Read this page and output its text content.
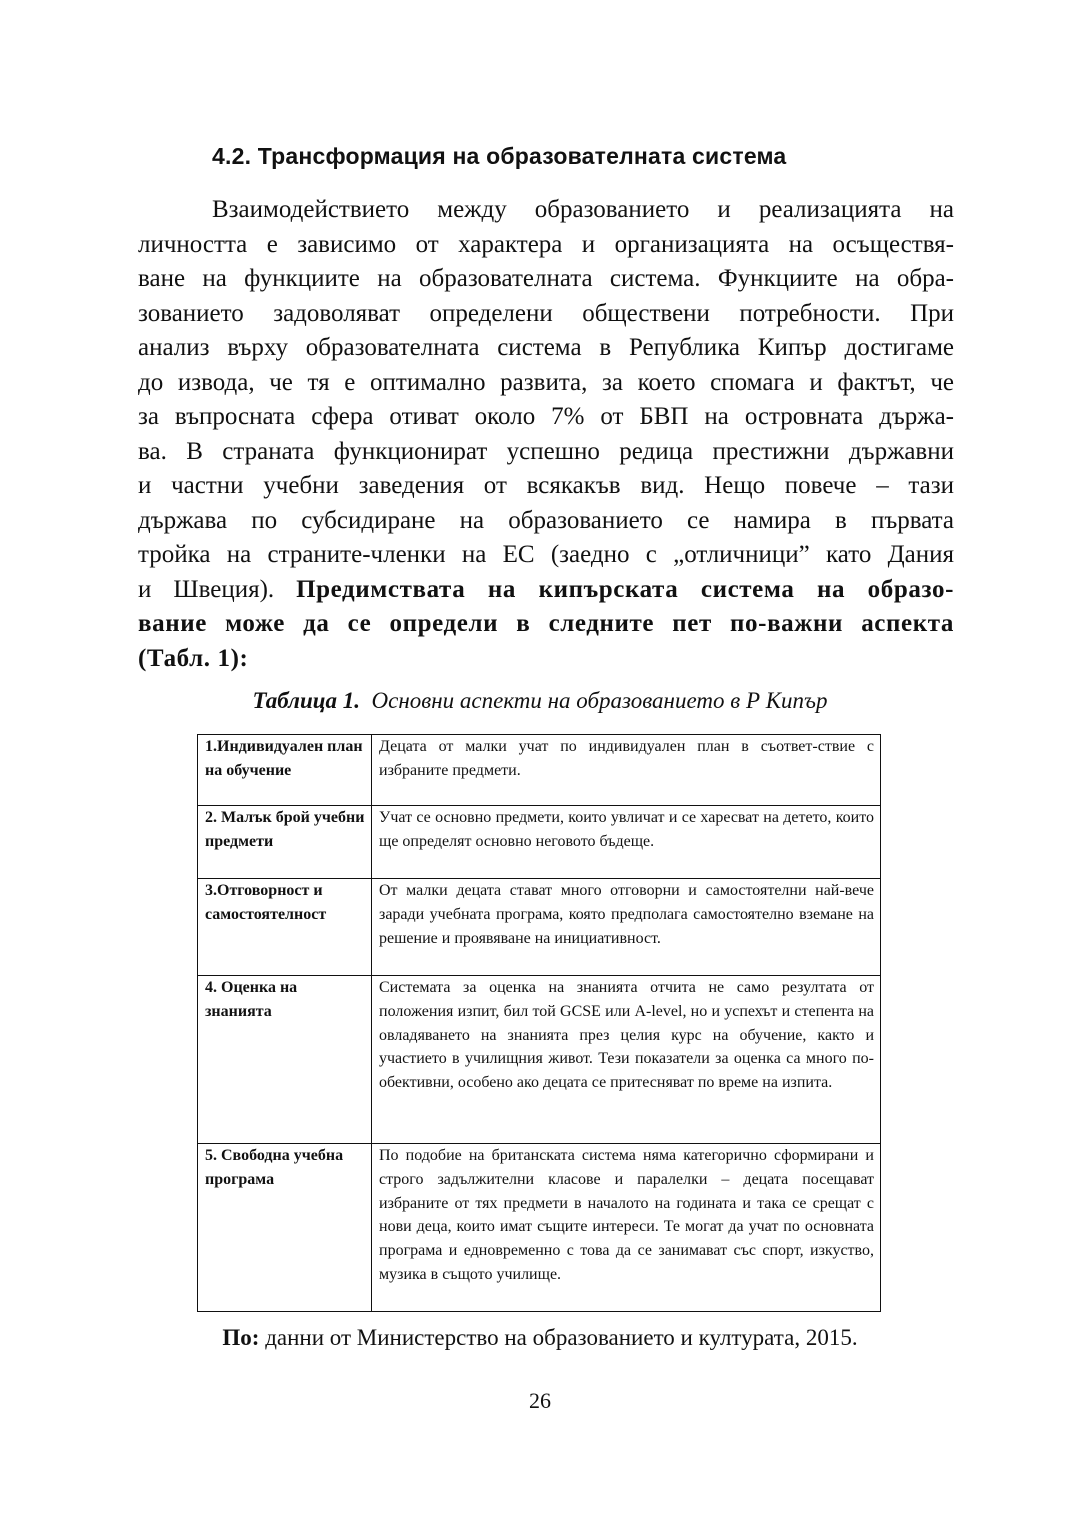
4.2. Трансформация на образователната система
Взаимодействието между образованието и реализацията на
личността е зависимо от характера и организацията на осъществя-
ване на функциите на образователната система. Функциите на обра-
зованието задоволяват определени обществени потребности. При
анализ върху образователната система в Република Кипър достигаме
до извода, че тя е оптимално развита, за което спомага и фактът, че
за въпросната сфера отиват около 7% от БВП на островната държа-
ва. В страната функционират успешно редица престижни държавни
и частни учебни заведения от всякакъв вид. Нещо повече – тази
държава по субсидиране на образованието се намира в първата
тройка на страните-членки на ЕС (заедно с „отличници” като Дания
и Швеция). Предимствата на кипърската система на образо-
вание може да се определи в следните пет по-важни аспекта
(Табл. 1):
Таблица 1. Основни аспекти на образованието в Р Кипър
1.Индивидуален план на обучение	Децата от малки учат по индивидуален план в съответ-ствие с избраните предмети.
2. Малък брой учебни предмети	Учат се основно предмети, които увличат и се харесват на детето, които ще определят основно неговото бъдеще.
3.Отговорност и самостоятелност	От малки децата стават много отговорни и самостоятелни най-вече заради учебната програма, която предполага самостоятелно вземане на решение и проявяване на инициативност.
4. Оценка на знанията	Системата за оценка на знанията отчита не само резултата от положения изпит, бил той GCSE или A-level, но и успехът и степента на овладяването на знанията през целия курс на обучение, както и участието в училищния живот. Тези показатели за оценка са много по-обективни, особено ако децата се притесняват по време на изпита.
5. Свободна учебна програма	По подобие на британската система няма категорично сформирани и строго задължителни класове и паралелки – децата посещават избраните от тях предмети в началото на годината и така се срещат с нови деца, които имат същите интереси. Те могат да учат по основната програма и едновременно с това да се занимават със спорт, изкуство, музика в същото училище.
По: данни от Министерство на образованието и културата, 2015.
26
